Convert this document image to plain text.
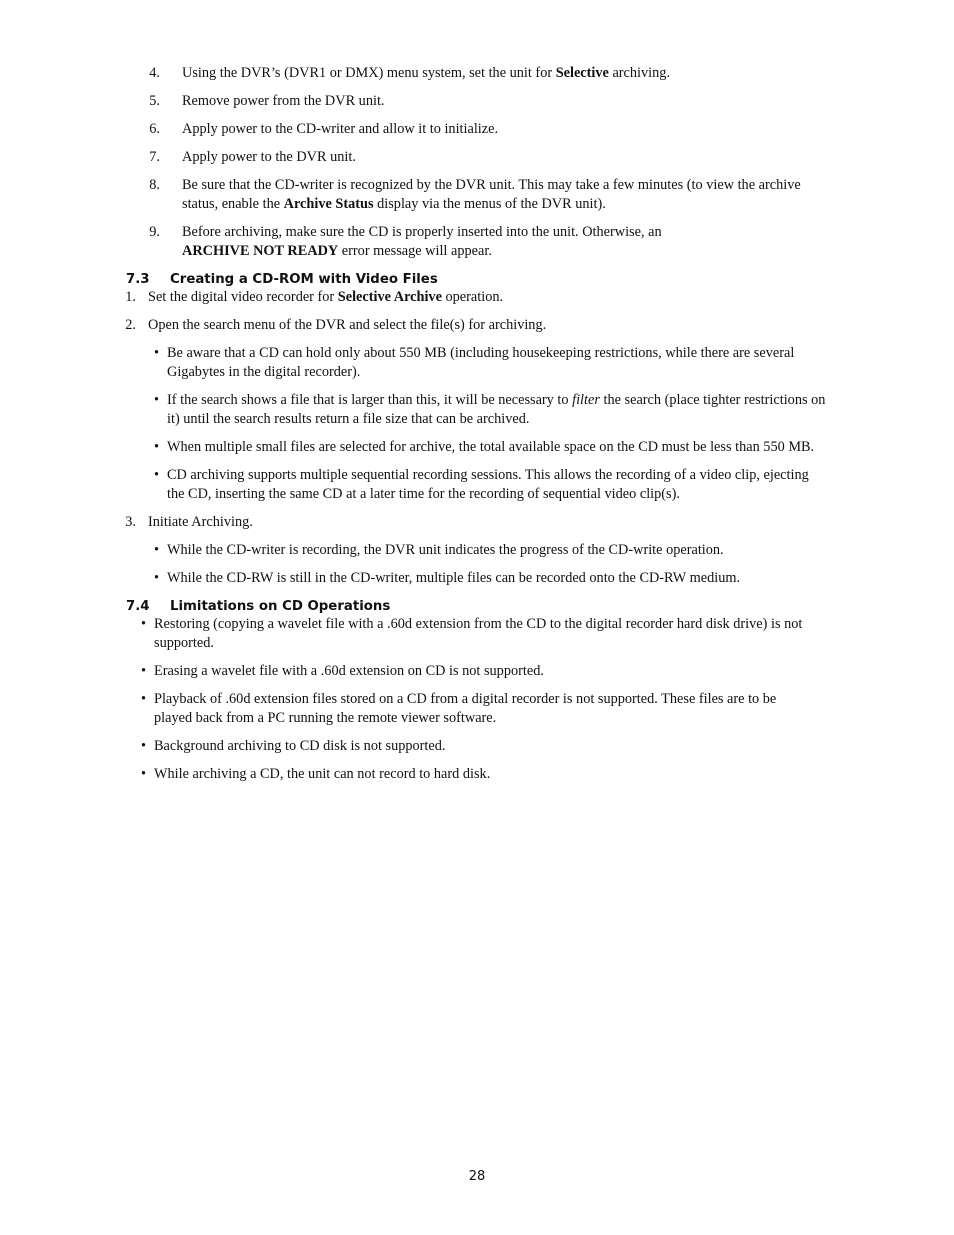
4. Using the DVR’s (DVR1 or DMX) menu system, set the unit for Selective archiving.
5. Remove power from the DVR unit.
6. Apply power to the CD-writer and allow it to initialize.
7. Apply power to the DVR unit.
8. Be sure that the CD-writer is recognized by the DVR unit. This may take a few minutes (to view the archive status, enable the Archive Status display via the menus of the DVR unit).
9. Before archiving, make sure the CD is properly inserted into the unit. Otherwise, an
ARCHIVE NOT READY error message will appear.
7.3 Creating a CD-ROM with Video Files
1. Set the digital video recorder for Selective Archive operation.
2. Open the search menu of the DVR and select the file(s) for archiving.
• Be aware that a CD can hold only about 550 MB (including housekeeping restrictions, while there are several Gigabytes in the digital recorder).
• If the search shows a file that is larger than this, it will be necessary to filter the search (place tighter restrictions on it) until the search results return a file size that can be archived.
• When multiple small files are selected for archive, the total available space on the CD must be less than 550 MB.
• CD archiving supports multiple sequential recording sessions. This allows the recording of a video clip, ejecting the CD, inserting the same CD at a later time for the recording of sequential video clip(s).
3. Initiate Archiving.
• While the CD-writer is recording, the DVR unit indicates the progress of the CD-write operation.
• While the CD-RW is still in the CD-writer, multiple files can be recorded onto the CD-RW medium.
7.4 Limitations on CD Operations
• Restoring (copying a wavelet file with a .60d extension from the CD to the digital recorder hard disk drive) is not supported.
• Erasing a wavelet file with a .60d extension on CD is not supported.
• Playback of .60d extension files stored on a CD from a digital recorder is not supported. These files are to be played back from a PC running the remote viewer software.
• Background archiving to CD disk is not supported.
• While archiving a CD, the unit can not record to hard disk.
28
